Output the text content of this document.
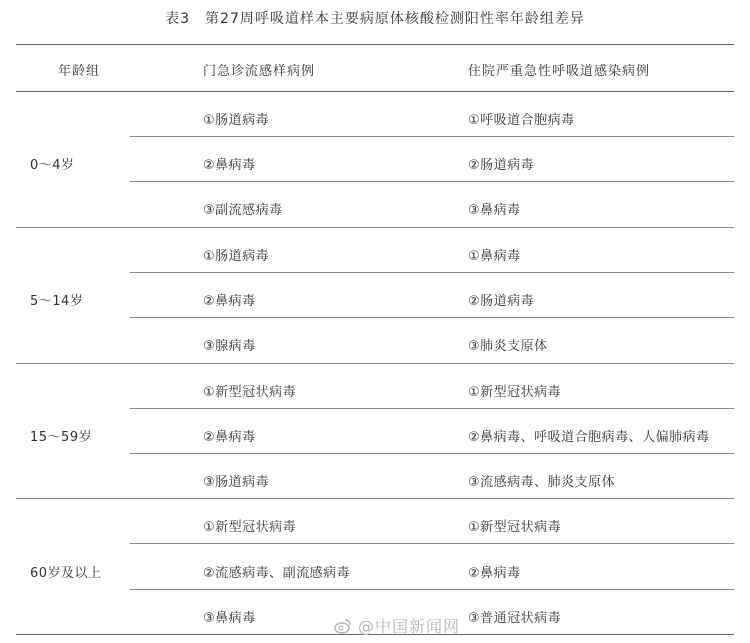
表3　第27周呼吸道样本主要病原体核酸检测阳性率年龄组差异
年龄组	门急诊流感样病例	住院严重急性呼吸道感染病例
0～4岁
①肠道病毒	①呼吸道合胞病毒
②鼻病毒	②肠道病毒
③副流感病毒	③鼻病毒
5～14岁
①肠道病毒	①鼻病毒
②鼻病毒	②肠道病毒
③腺病毒	③肺炎支原体
15～59岁
①新型冠状病毒	①新型冠状病毒
②鼻病毒	②鼻病毒、呼吸道合胞病毒、人偏肺病毒
③肠道病毒	③流感病毒、肺炎支原体
60岁及以上
①新型冠状病毒	①新型冠状病毒
②流感病毒、副流感病毒	②鼻病毒
③鼻病毒	③普通冠状病毒
@中国新闻网
